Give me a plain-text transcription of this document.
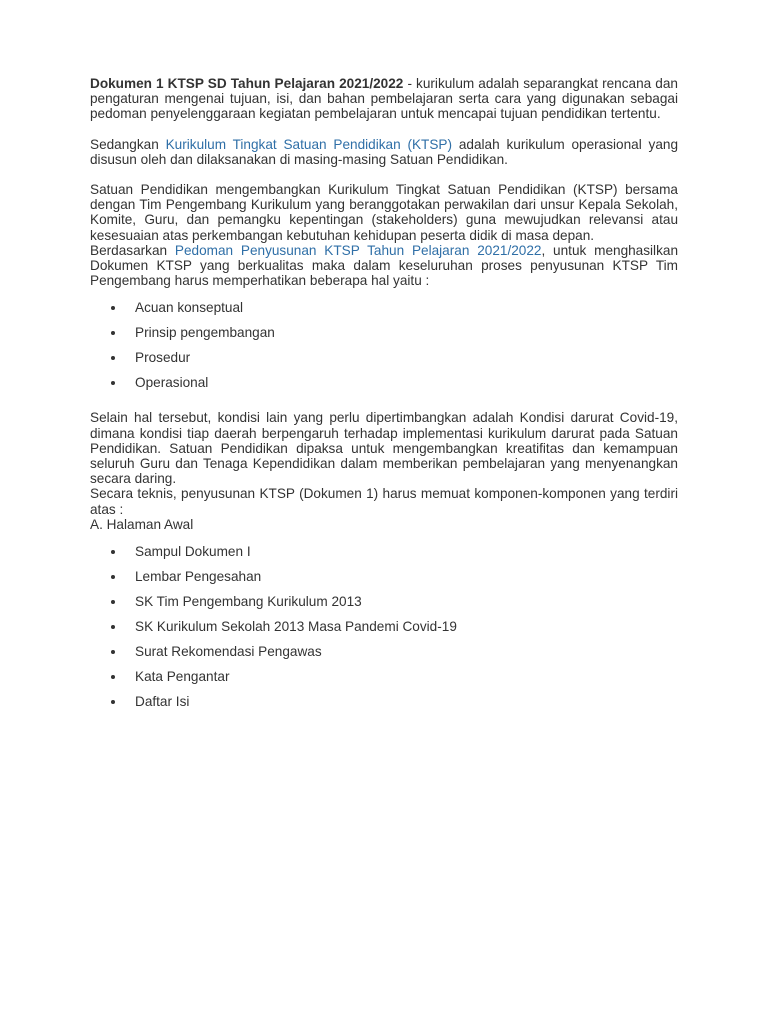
Dokumen 1 KTSP SD Tahun Pelajaran 2021/2022 - kurikulum adalah separangkat rencana dan pengaturan mengenai tujuan, isi, dan bahan pembelajaran serta cara yang digunakan sebagai pedoman penyelenggaraan kegiatan pembelajaran untuk mencapai tujuan pendidikan tertentu.

Sedangkan Kurikulum Tingkat Satuan Pendidikan (KTSP) adalah kurikulum operasional yang disusun oleh dan dilaksanakan di masing-masing Satuan Pendidikan.

Satuan Pendidikan mengembangkan Kurikulum Tingkat Satuan Pendidikan (KTSP) bersama dengan Tim Pengembang Kurikulum yang beranggotakan perwakilan dari unsur Kepala Sekolah, Komite, Guru, dan pemangku kepentingan (stakeholders) guna mewujudkan relevansi atau kesesuaian atas perkembangan kebutuhan kehidupan peserta didik di masa depan.

Berdasarkan Pedoman Penyusunan KTSP Tahun Pelajaran 2021/2022, untuk menghasilkan Dokumen KTSP yang berkualitas maka dalam keseluruhan proses penyusunan KTSP Tim Pengembang harus memperhatikan beberapa hal yaitu :

Acuan konseptual
Prinsip pengembangan
Prosedur
Operasional

Selain hal tersebut, kondisi lain yang perlu dipertimbangkan adalah Kondisi darurat Covid-19, dimana kondisi tiap daerah berpengaruh terhadap implementasi kurikulum darurat pada Satuan Pendidikan. Satuan Pendidikan dipaksa untuk mengembangkan kreatifitas dan kemampuan seluruh Guru dan Tenaga Kependidikan dalam memberikan pembelajaran yang menyenangkan secara daring.

Secara teknis, penyusunan KTSP (Dokumen 1) harus memuat komponen-komponen yang terdiri atas :

A. Halaman Awal

Sampul Dokumen I
Lembar Pengesahan
SK Tim Pengembang Kurikulum 2013
SK Kurikulum Sekolah 2013 Masa Pandemi Covid-19
Surat Rekomendasi Pengawas
Kata Pengantar
Daftar Isi
